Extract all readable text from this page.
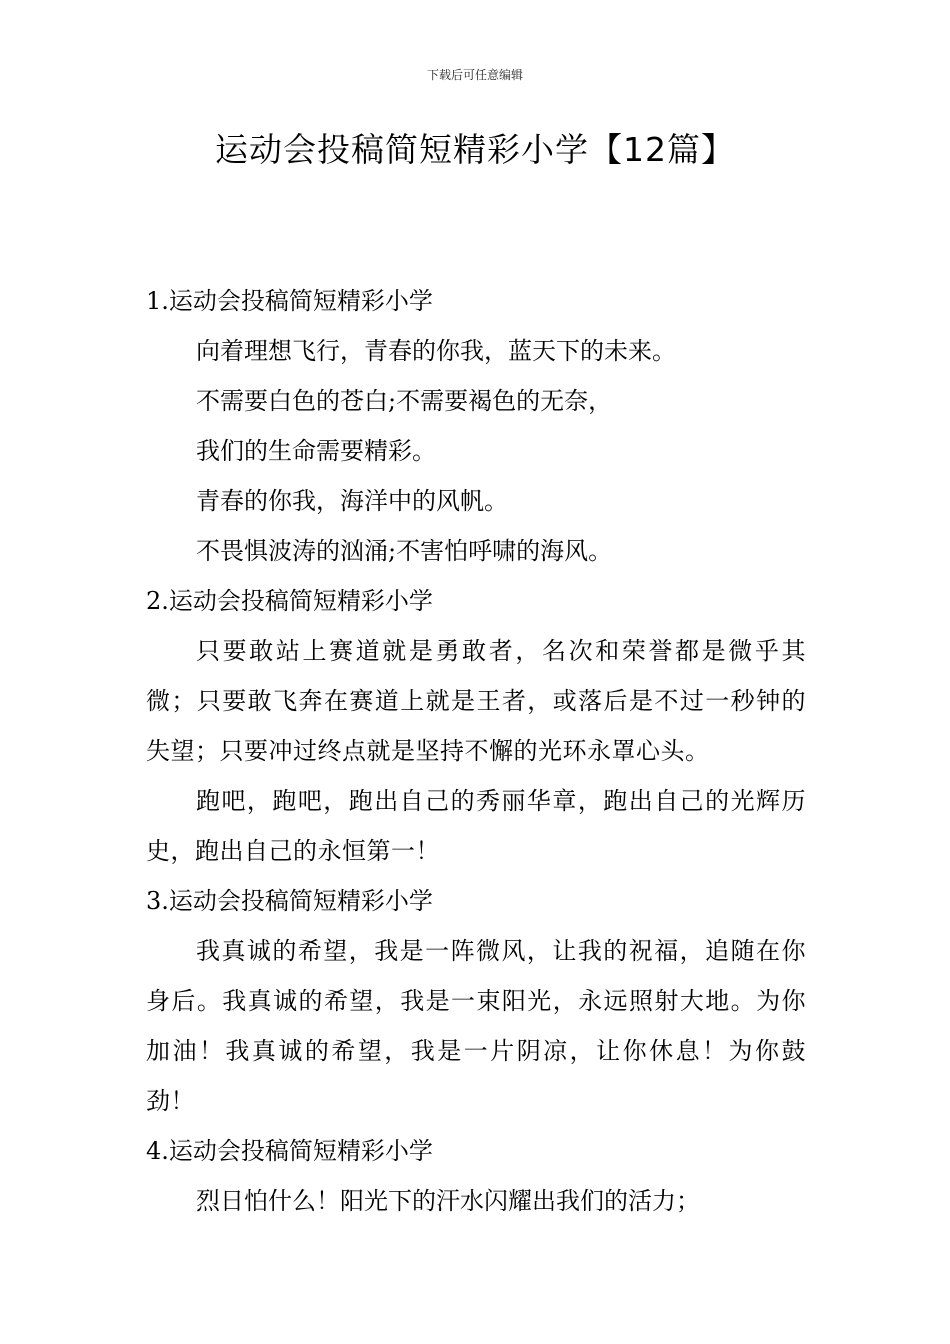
下载后可任意编辑
运动会投稿简短精彩小学【12篇】
1.运动会投稿简短精彩小学

向着理想飞行，青春的你我，蓝天下的未来。

不需要白色的苍白;不需要褐色的无奈，

我们的生命需要精彩。

青春的你我，海洋中的风帆。

不畏惧波涛的汹涌;不害怕呼啸的海风。

2.运动会投稿简短精彩小学

只要敢站上赛道就是勇敢者，名次和荣誉都是微乎其微；只要敢飞奔在赛道上就是王者，或落后是不过一秒钟的失望；只要冲过终点就是坚持不懈的光环永罩心头。

跑吧，跑吧，跑出自己的秀丽华章，跑出自己的光辉历史，跑出自己的永恒第一！

3.运动会投稿简短精彩小学

我真诚的希望，我是一阵微风，让我的祝福，追随在你身后。我真诚的希望，我是一束阳光，永远照射大地。为你加油！我真诚的希望，我是一片阴凉，让你休息！为你鼓劲！

4.运动会投稿简短精彩小学

烈日怕什么！阳光下的汗水闪耀出我们的活力；
